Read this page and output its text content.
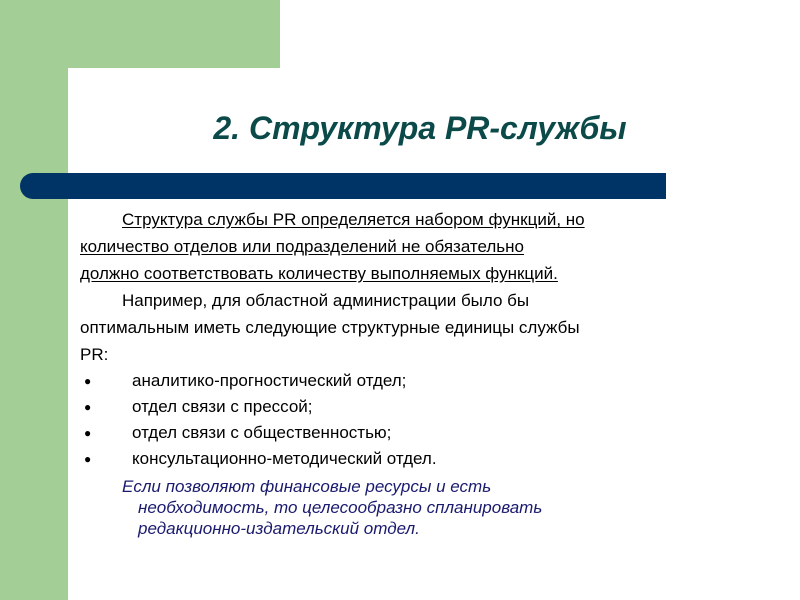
2. Структура PR-службы

Структура службы PR определяется набором функций, но
количество отделов или подразделений не обязательно
должно соответствовать количеству выполняемых функций.

Например, для областной администрации было бы
оптимальным иметь следующие структурные единицы службы
PR:

● аналитико-прогностический отдел;
● отдел связи с прессой;
● отдел связи с общественностью;
● консультационно-методический отдел.
Если позволяют финансовые ресурсы и есть
необходимость, то целесообразно спланировать
редакционно-издательский отдел.
